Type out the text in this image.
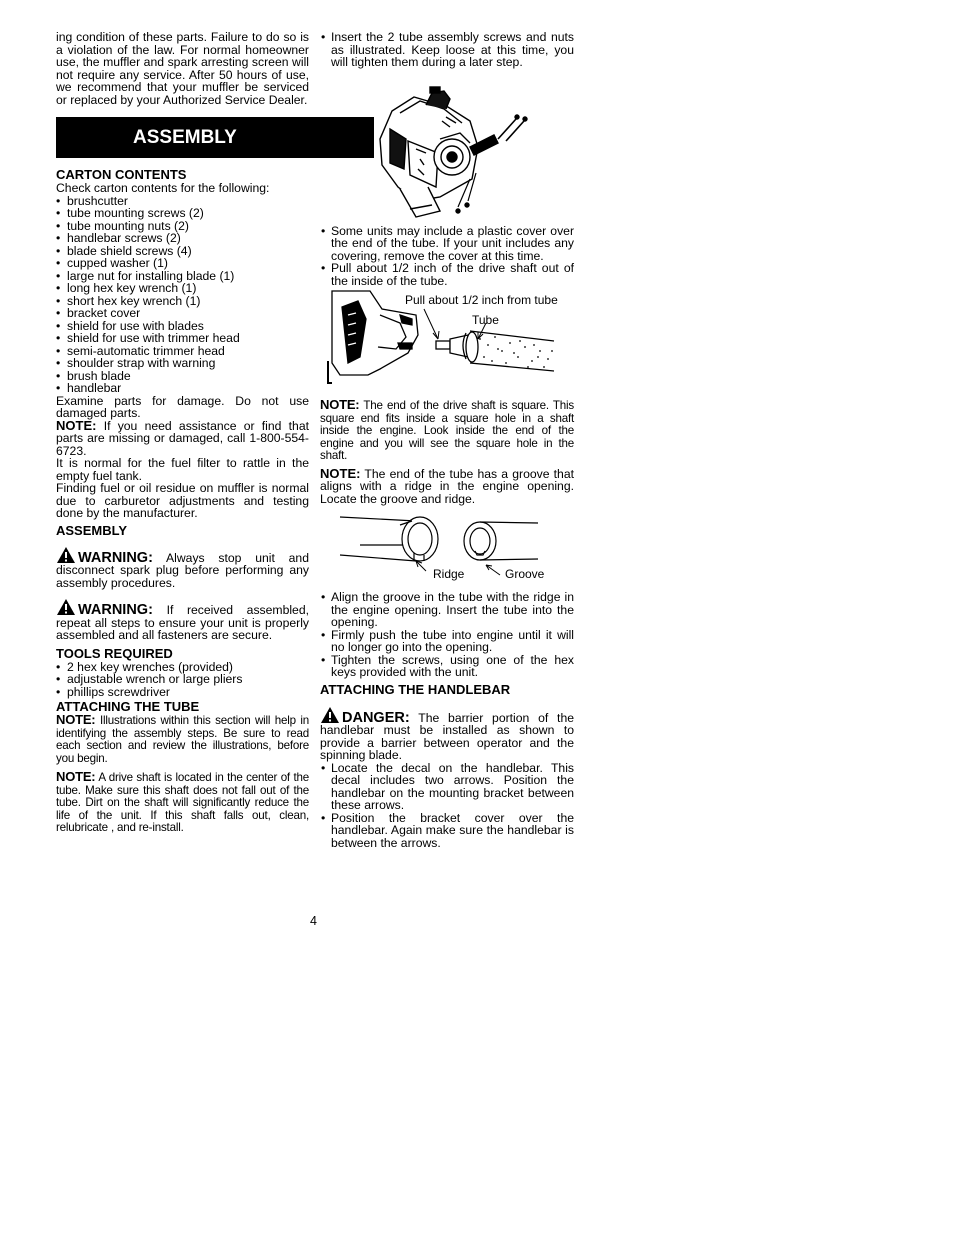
ing condition of these parts. Failure to do so is a violation of the law. For normal homeowner use, the muffler and spark arresting screen will not require any service. After 50 hours of use, we recommend that your muffler be serviced or replaced by your Authorized Service Dealer.

ASSEMBLY
CARTON CONTENTS

Check carton contents for the following:

• brushcutter
• tube mounting screws (2)
• tube mounting nuts (2)
• handlebar screws (2)
• blade shield screws (4)
• cupped washer (1)
• large nut for installing blade (1)
• long hex key wrench (1)
• short hex key wrench (1)
• bracket cover
• shield for use with blades
• shield for use with trimmer head
• semi-automatic trimmer head
• shoulder strap with warning
• brush blade
• handlebar

Examine parts for damage. Do not use damaged parts.

NOTE: If you need assistance or find that parts are missing or damaged, call 1-800-554-6723.

It is normal for the fuel filter to rattle in the empty fuel tank.

Finding fuel or oil residue on muffler is normal due to carburetor adjustments and testing done by the manufacturer.

ASSEMBLY

WARNING: Always stop unit and disconnect spark plug before performing any assembly procedures.

WARNING: If received assembled, repeat all steps to ensure your unit is properly assembled and all fasteners are secure.

TOOLS REQUIRED
• 2 hex key wrenches (provided)
• adjustable wrench or large pliers
• phillips screwdriver
ATTACHING THE TUBE

NOTE: Illustrations within this section will help in identifying the assembly steps. Be sure to read each section and review the illustrations, before you begin.

NOTE: A drive shaft is located in the center of the tube. Make sure this shaft does not fall out of the tube. Dirt on the shaft will significantly reduce the life of the unit. If this shaft falls out, clean, relubricate , and re-install.

• Insert the 2 tube assembly screws and nuts as illustrated. Keep loose at this time, you will tighten them during a later step.
• Some units may include a plastic cover over the end of the tube. If your unit includes any covering, remove the cover at this time.
• Pull about 1/2 inch of the drive shaft out of the inside of the tube.
Pull about 1/2 inch from tube
Tube

NOTE: The end of the drive shaft is square. This square end fits inside a square hole in a shaft inside the engine. Look inside the end of the engine and you will see the square hole in the shaft.

NOTE: The end of the tube has a groove that aligns with a ridge in the engine opening. Locate the groove and ridge.

Ridge	Groove
• Align the groove in the tube with the ridge in the engine opening. Insert the tube into the opening.
• Firmly push the tube into engine until it will no longer go into the opening.
• Tighten the screws, using one of the hex keys provided with the unit.
ATTACHING THE HANDLEBAR

DANGER: The barrier portion of the handlebar must be installed as shown to provide a barrier between operator and the spinning blade.

• Locate the decal on the handlebar. This decal includes two arrows. Position the handlebar on the mounting bracket between these arrows.
• Position the bracket cover over the handlebar. Again make sure the handlebar is between the arrows.
4
